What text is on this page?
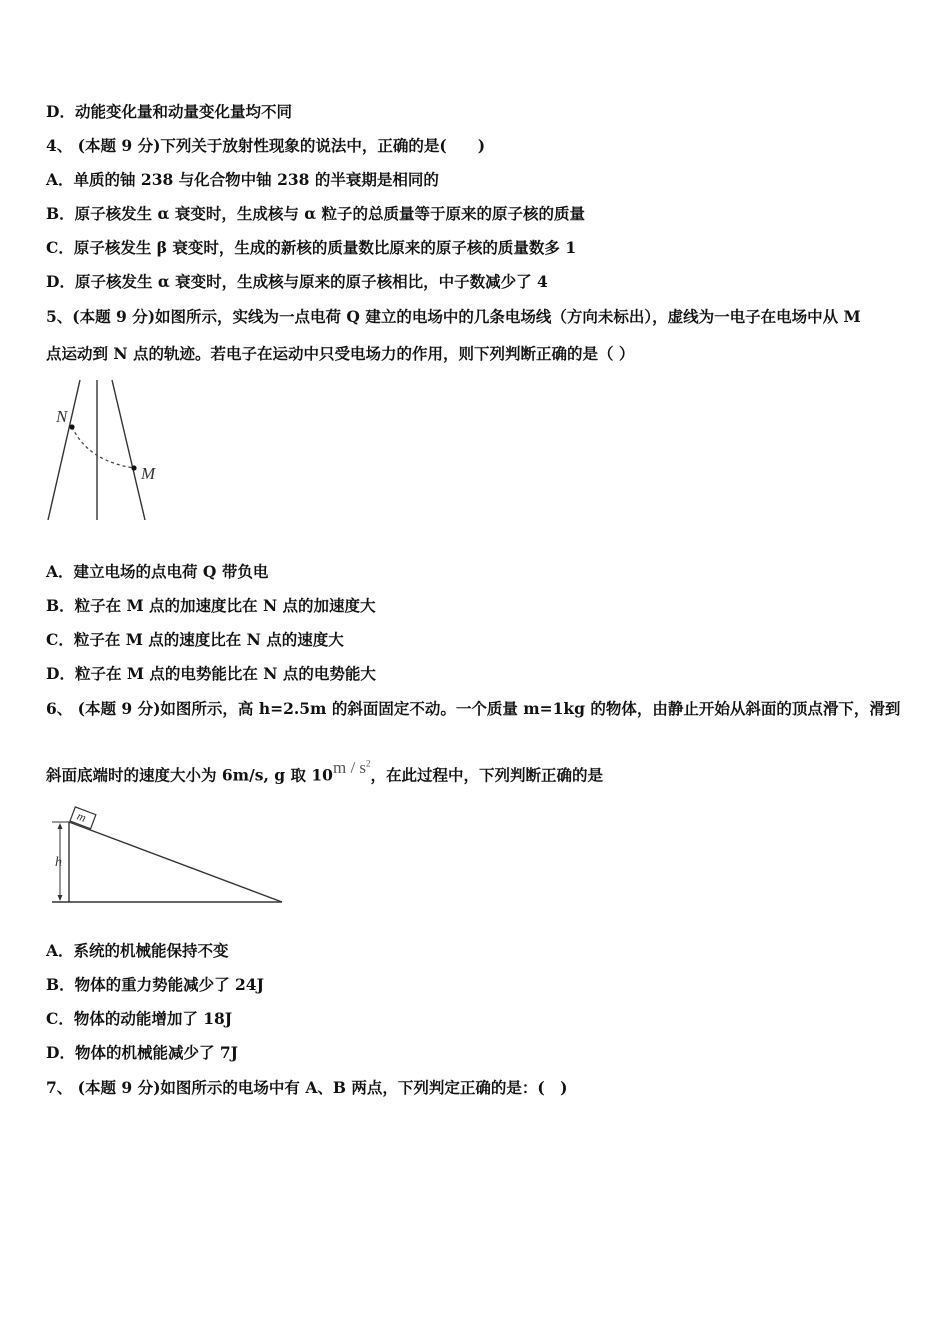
D．动能变化量和动量变化量均不同
4、 (本题 9 分)下列关于放射性现象的说法中，正确的是(　　)
A．单质的铀 238 与化合物中铀 238 的半衰期是相同的
B．原子核发生 α 衰变时，生成核与 α 粒子的总质量等于原来的原子核的质量
C．原子核发生 β 衰变时，生成的新核的质量数比原来的原子核的质量数多 1
D．原子核发生 α 衰变时，生成核与原来的原子核相比，中子数减少了 4
5、(本题 9 分)如图所示，实线为一点电荷 Q 建立的电场中的几条电场线（方向未标出），虚线为一电子在电场中从 M
点运动到 N 点的轨迹。若电子在运动中只受电场力的作用，则下列判断正确的是（ ）
N
M
A．建立电场的点电荷 Q 带负电
B．粒子在 M 点的加速度比在 N 点的加速度大
C．粒子在 M 点的速度比在 N 点的速度大
D．粒子在 M 点的电势能比在 N 点的电势能大
6、 (本题 9 分)如图所示，高 h=2.5m 的斜面固定不动。一个质量 m=1kg 的物体，由静止开始从斜面的顶点滑下，滑到
斜面底端时的速度大小为 6m/s, g 取 $10m / s^2$，在此过程中，下列判断正确的是
m
h
A．系统的机械能保持不变
B．物体的重力势能减少了 24J
C．物体的动能增加了 18J
D．物体的机械能减少了 7J
7、 (本题 9 分)如图所示的电场中有 A、B 两点，下列判定正确的是：(　)
